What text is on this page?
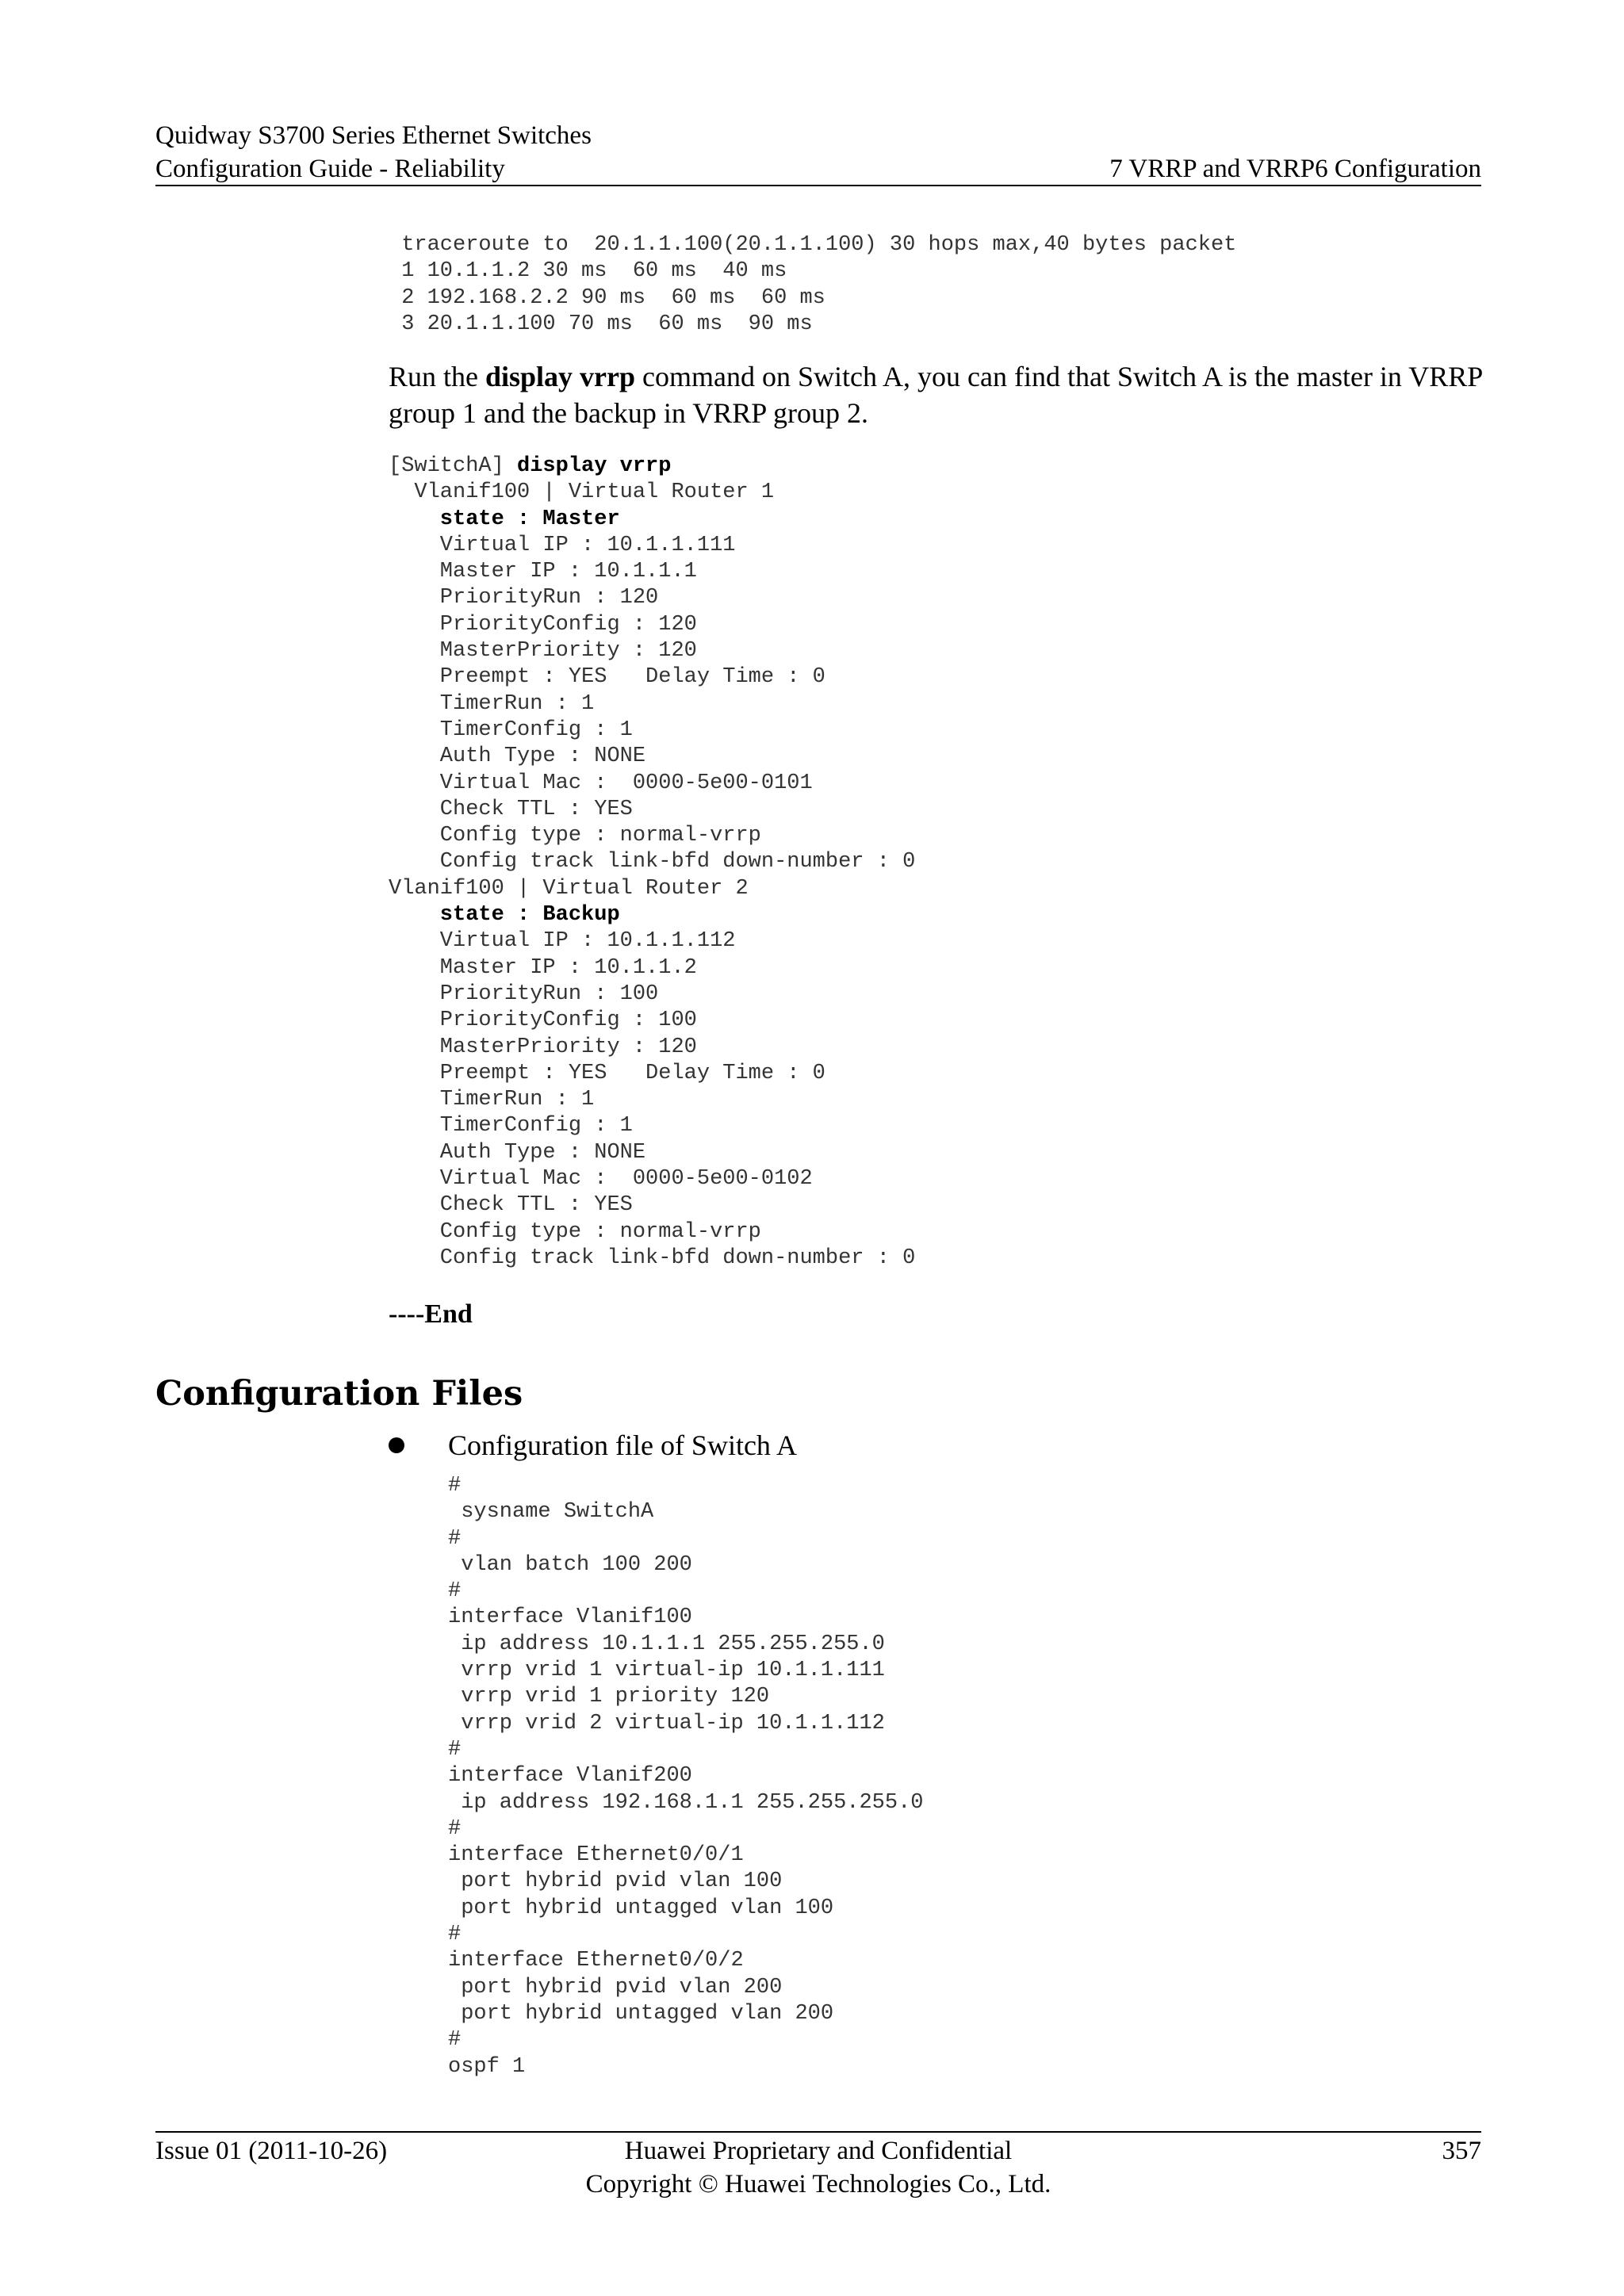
Quidway S3700 Series Ethernet Switches
Configuration Guide - Reliability	7 VRRP and VRRP6 Configuration
traceroute to  20.1.1.100(20.1.1.100) 30 hops max,40 bytes packet
1 10.1.1.2 30 ms  60 ms  40 ms
2 192.168.2.2 90 ms  60 ms  60 ms
3 20.1.1.100 70 ms  60 ms  90 ms

Run the display vrrp command on Switch A, you can find that Switch A is the master in VRRP group 1 and the backup in VRRP group 2.

[SwitchA] display vrrp
Vlanif100 | Virtual Router 1
state : Master
Virtual IP : 10.1.1.111
Master IP : 10.1.1.1
PriorityRun : 120
PriorityConfig : 120
MasterPriority : 120
Preempt : YES   Delay Time : 0
TimerRun : 1
TimerConfig : 1
Auth Type : NONE
Virtual Mac :  0000-5e00-0101
Check TTL : YES
Config type : normal-vrrp
Config track link-bfd down-number : 0
Vlanif100 | Virtual Router 2
state : Backup
Virtual IP : 10.1.1.112
Master IP : 10.1.1.2
PriorityRun : 100
PriorityConfig : 100
MasterPriority : 120
Preempt : YES   Delay Time : 0
TimerRun : 1
TimerConfig : 1
Auth Type : NONE
Virtual Mac :  0000-5e00-0102
Check TTL : YES
Config type : normal-vrrp
Config track link-bfd down-number : 0
----End
Configuration Files
Configuration file of Switch A
#
sysname SwitchA
#
vlan batch 100 200
#
interface Vlanif100
ip address 10.1.1.1 255.255.255.0
vrrp vrid 1 virtual-ip 10.1.1.111
vrrp vrid 1 priority 120
vrrp vrid 2 virtual-ip 10.1.1.112
#
interface Vlanif200
ip address 192.168.1.1 255.255.255.0
#
interface Ethernet0/0/1
port hybrid pvid vlan 100
port hybrid untagged vlan 100
#
interface Ethernet0/0/2
port hybrid pvid vlan 200
port hybrid untagged vlan 200
#
ospf 1
Issue 01 (2011-10-26)	Huawei Proprietary and Confidential
Copyright © Huawei Technologies Co., Ltd.
357
